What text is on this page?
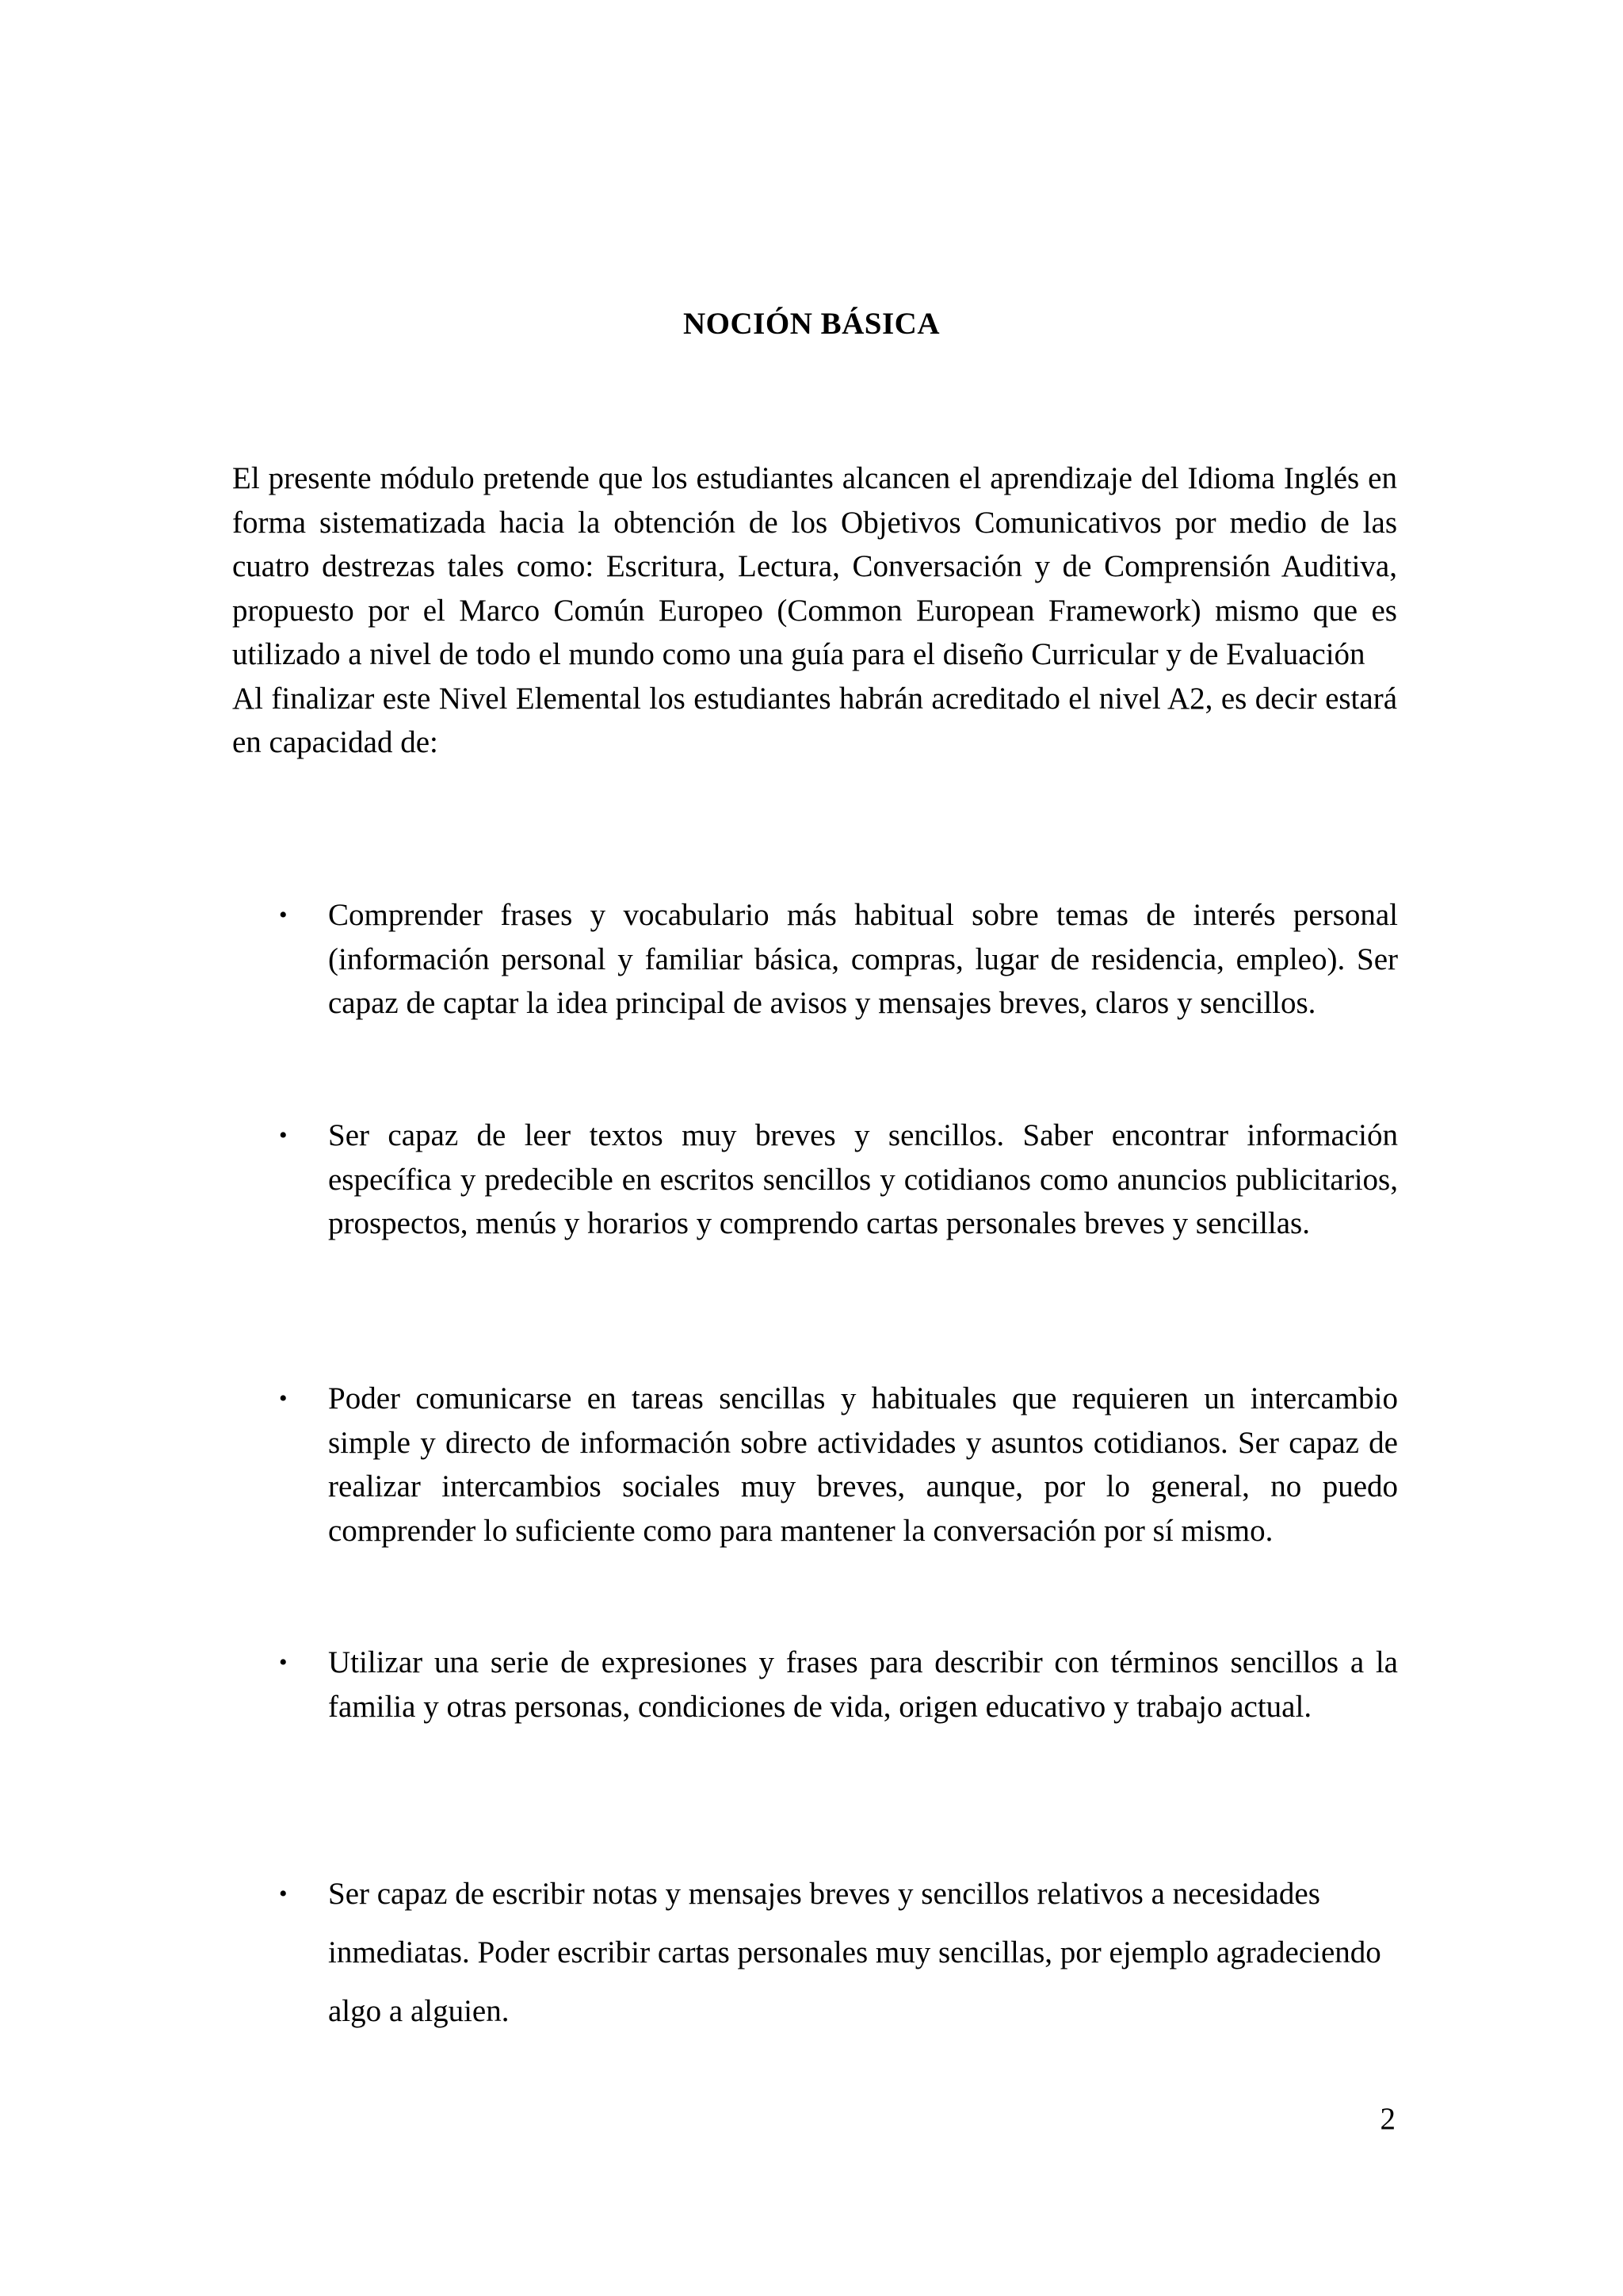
NOCIÓN BÁSICA

El presente módulo pretende que los estudiantes alcancen el aprendizaje del Idioma Inglés en forma sistematizada hacia la obtención de los Objetivos Comunicativos por medio de las cuatro destrezas tales como: Escritura, Lectura, Conversación y de Comprensión Auditiva, propuesto por el Marco Común Europeo (Common European Framework) mismo que es utilizado a nivel de todo el mundo como una guía para el diseño Curricular y de Evaluación

Al finalizar este Nivel Elemental los estudiantes habrán acreditado el nivel A2, es decir estará en capacidad de:

• Comprender frases y vocabulario más habitual sobre temas de interés personal (información personal y familiar básica, compras, lugar de residencia, empleo). Ser capaz de captar la idea principal de avisos y mensajes breves, claros y sencillos.
• Ser capaz de leer textos muy breves y sencillos. Saber encontrar información específica y predecible en escritos sencillos y cotidianos como anuncios publicitarios, prospectos, menús y horarios y comprendo cartas personales breves y sencillas.
• Poder comunicarse en tareas sencillas y habituales que requieren un intercambio simple y directo de información sobre actividades y asuntos cotidianos. Ser capaz de realizar intercambios sociales muy breves, aunque, por lo general, no puedo comprender lo suficiente como para mantener la conversación por sí mismo.
• Utilizar una serie de expresiones y frases para describir con términos sencillos a la familia y otras personas, condiciones de vida, origen educativo y trabajo actual.
• Ser capaz de escribir notas y mensajes breves y sencillos relativos a necesidades inmediatas. Poder escribir cartas personales muy sencillas, por ejemplo agradeciendo algo a alguien.
2
